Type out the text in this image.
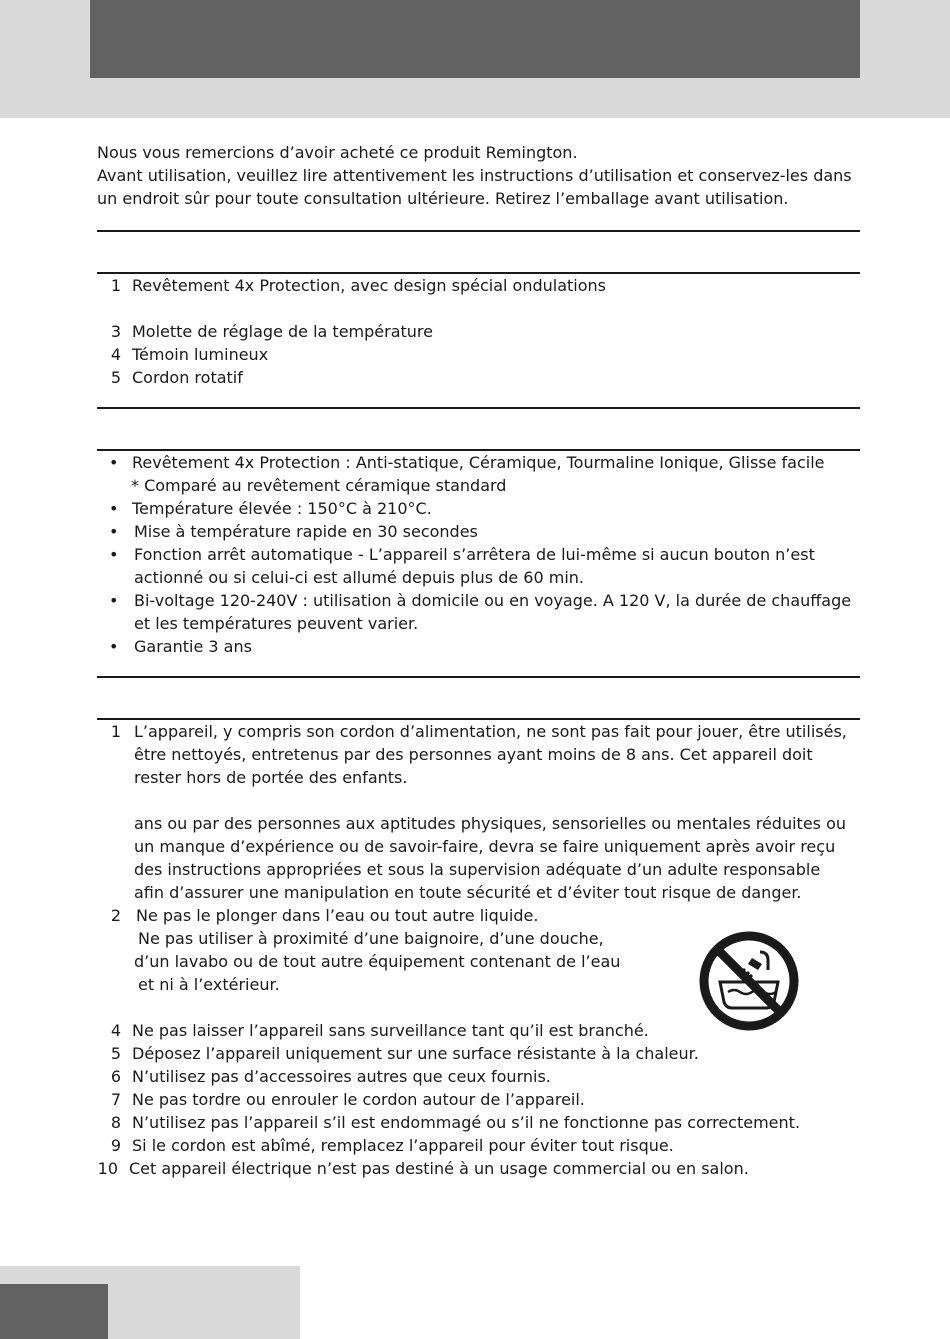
Nous vous remercions d’avoir acheté ce produit Remington.

Avant utilisation, veuillez lire attentivement les instructions d’utilisation et conservez-les dans

un endroit sûr pour toute consultation ultérieure. Retirez l’emballage avant utilisation.

1 Revêtement 4x Protection, avec design spécial ondulations
3 Molette de réglage de la température
4 Témoin lumineux
5 Cordon rotatif
• Revêtement 4x Protection : Anti-statique, Céramique, Tourmaline Ionique, Glisse facile
* Comparé au revêtement céramique standard
• Température élevée : 150°C à 210°C.
• Mise à température rapide en 30 secondes
• Fonction arrêt automatique - L’appareil s’arrêtera de lui-même si aucun bouton n’est
actionné ou si celui-ci est allumé depuis plus de 60 min.
• Bi-voltage 120-240V : utilisation à domicile ou en voyage. A 120 V, la durée de chauffage
et les températures peuvent varier.
• Garantie 3 ans
1 L’appareil, y compris son cordon d’alimentation, ne sont pas fait pour jouer, être utilisés,
être nettoyés, entretenus par des personnes ayant moins de 8 ans. Cet appareil doit
rester hors de portée des enfants.
ans ou par des personnes aux aptitudes physiques, sensorielles ou mentales réduites ou
un manque d’expérience ou de savoir-faire, devra se faire uniquement après avoir reçu
des instructions appropriées et sous la supervision adéquate d’un adulte responsable
afin d’assurer une manipulation en toute sécurité et d’éviter tout risque de danger.
2 Ne pas le plonger dans l’eau ou tout autre liquide.
Ne pas utiliser à proximité d’une baignoire, d’une douche,
d’un lavabo ou de tout autre équipement contenant de l’eau
et ni à l’extérieur.
4 Ne pas laisser l’appareil sans surveillance tant qu’il est branché.
5 Déposez l’appareil uniquement sur une surface résistante à la chaleur.
6 N’utilisez pas d’accessoires autres que ceux fournis.
7 Ne pas tordre ou enrouler le cordon autour de l’appareil.
8 N’utilisez pas l’appareil s’il est endommagé ou s’il ne fonctionne pas correctement.
9 Si le cordon est abîmé, remplacez l’appareil pour éviter tout risque.
10 Cet appareil électrique n’est pas destiné à un usage commercial ou en salon.
